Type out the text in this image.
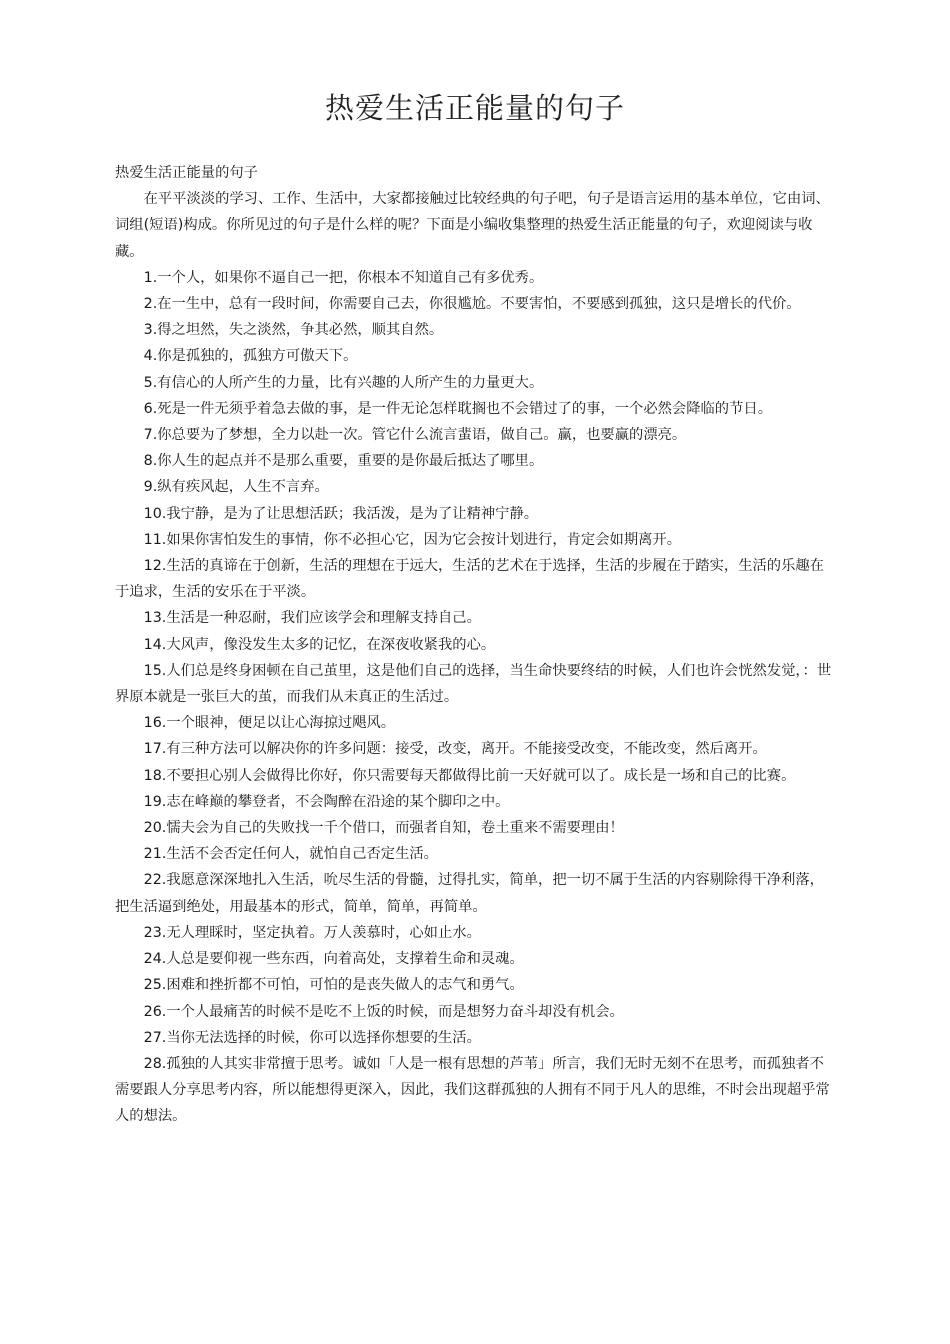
热爱生活正能量的句子

热爱生活正能量的句子

在平平淡淡的学习、工作、生活中，大家都接触过比较经典的句子吧，句子是语言运用的基本单位，它由词、词组(短语)构成。你所见过的句子是什么样的呢？下面是小编收集整理的热爱生活正能量的句子，欢迎阅读与收藏。

1.一个人，如果你不逼自己一把，你根本不知道自己有多优秀。

2.在一生中，总有一段时间，你需要自己去，你很尴尬。不要害怕，不要感到孤独，这只是增长的代价。

3.得之坦然，失之淡然，争其必然，顺其自然。

4.你是孤独的，孤独方可傲天下。

5.有信心的人所产生的力量，比有兴趣的人所产生的力量更大。

6.死是一件无须乎着急去做的事，是一件无论怎样耽搁也不会错过了的事，一个必然会降临的节日。

7.你总要为了梦想，全力以赴一次。管它什么流言蜚语，做自己。赢，也要赢的漂亮。

8.你人生的起点并不是那么重要，重要的是你最后抵达了哪里。

9.纵有疾风起，人生不言弃。

10.我宁静，是为了让思想活跃；我活泼，是为了让精神宁静。

11.如果你害怕发生的事情，你不必担心它，因为它会按计划进行，肯定会如期离开。

12.生活的真谛在于创新，生活的理想在于远大，生活的艺术在于选择，生活的步履在于踏实，生活的乐趣在于追求，生活的安乐在于平淡。

13.生活是一种忍耐，我们应该学会和理解支持自己。

14.大风声，像没发生太多的记忆，在深夜收紧我的心。

15.人们总是终身困顿在自己茧里，这是他们自己的选择，当生命快要终结的时候，人们也许会恍然发觉，：世界原本就是一张巨大的茧，而我们从未真正的生活过。

16.一个眼神，便足以让心海掠过飓风。

17.有三种方法可以解决你的许多问题：接受，改变，离开。不能接受改变，不能改变，然后离开。

18.不要担心别人会做得比你好，你只需要每天都做得比前一天好就可以了。成长是一场和自己的比赛。

19.志在峰巅的攀登者，不会陶醉在沿途的某个脚印之中。

20.懦夫会为自己的失败找一千个借口，而强者自知，卷土重来不需要理由！

21.生活不会否定任何人，就怕自己否定生活。

22.我愿意深深地扎入生活，吮尽生活的骨髓，过得扎实，简单，把一切不属于生活的内容剔除得干净利落，把生活逼到绝处，用最基本的形式，简单，简单，再简单。

23.无人理睬时，坚定执着。万人羡慕时，心如止水。

24.人总是要仰视一些东西，向着高处，支撑着生命和灵魂。

25.困难和挫折都不可怕，可怕的是丧失做人的志气和勇气。

26.一个人最痛苦的时候不是吃不上饭的时候，而是想努力奋斗却没有机会。

27.当你无法选择的时候，你可以选择你想要的生活。

28.孤独的人其实非常擅于思考。诚如「人是一根有思想的芦苇」所言，我们无时无刻不在思考，而孤独者不需要跟人分享思考内容，所以能想得更深入，因此，我们这群孤独的人拥有不同于凡人的思维，不时会出现超乎常人的想法。
